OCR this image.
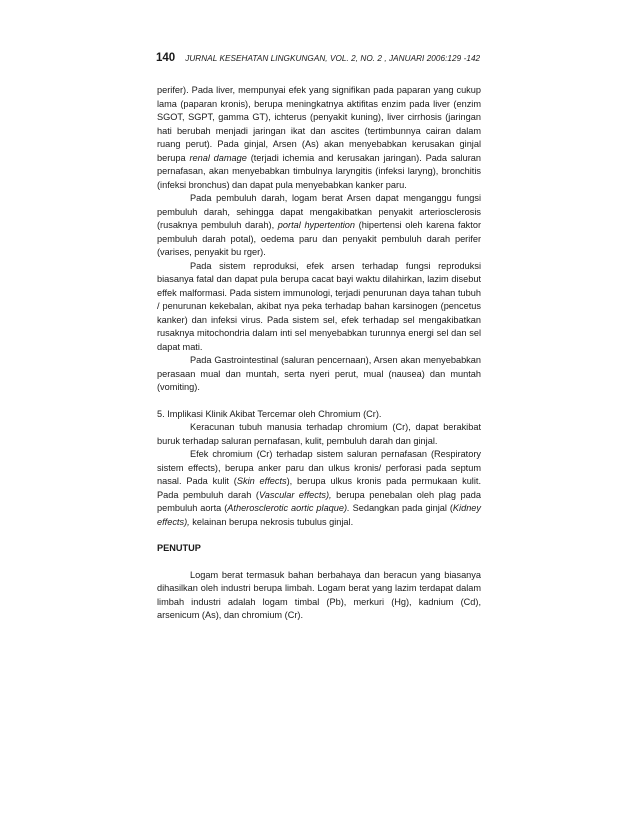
140 JURNAL KESEHATAN LINGKUNGAN, VOL. 2, NO. 2 , JANUARI 2006:129 -142

perifer). Pada liver, mempunyai efek yang signifikan pada paparan yang cukup lama (paparan kronis), berupa meningkatnya aktifitas enzim pada liver (enzim SGOT, SGPT, gamma GT), ichterus (penyakit kuning), liver cirrhosis (jaringan hati berubah menjadi jaringan ikat dan ascites (tertimbunnya cairan dalam ruang perut). Pada ginjal, Arsen (As) akan menyebabkan kerusakan ginjal berupa renal damage (terjadi ichemia and kerusakan jaringan). Pada saluran pernafasan, akan menyebabkan timbulnya laryngitis (infeksi laryng), bronchitis (infeksi bronchus) dan dapat pula menyebabkan kanker paru.

Pada pembuluh darah, logam berat Arsen dapat menganggu fungsi pembuluh darah, sehingga dapat mengakibatkan penyakit arteriosclerosis (rusaknya pembuluh darah), portal hypertention (hipertensi oleh karena faktor pembuluh darah potal), oedema paru dan penyakit pembuluh darah perifer (varises, penyakit bu rger).

Pada sistem reproduksi, efek arsen terhadap fungsi reproduksi biasanya fatal dan dapat pula berupa cacat bayi waktu dilahirkan, lazim disebut effek malformasi. Pada sistem immunologi, terjadi penurunan daya tahan tubuh / penurunan kekebalan, akibat nya peka terhadap bahan karsinogen (pencetus kanker) dan infeksi virus. Pada sistem sel, efek terhadap sel mengakibatkan rusaknya mitochondria dalam inti sel menyebabkan turunnya energi sel dan sel dapat mati.

Pada Gastrointestinal (saluran pencernaan), Arsen akan menyebabkan perasaan mual dan muntah, serta nyeri perut, mual (nausea) dan muntah (vomiting).

5. Implikasi Klinik Akibat Tercemar oleh Chromium (Cr).

Keracunan tubuh manusia terhadap chromium (Cr), dapat berakibat buruk terhadap saluran pernafasan, kulit, pembuluh darah dan ginjal.

Efek chromium (Cr) terhadap sistem saluran pernafasan (Respiratory sistem effects), berupa anker paru dan ulkus kronis/ perforasi pada septum nasal. Pada kulit (Skin effects), berupa ulkus kronis pada permukaan kulit. Pada pembuluh darah (Vascular effects), berupa penebalan oleh plag pada pembuluh aorta (Atherosclerotic aortic plaque). Sedangkan pada ginjal (Kidney effects), kelainan berupa nekrosis tubulus ginjal.

PENUTUP

Logam berat termasuk bahan berbahaya dan beracun yang biasanya dihasilkan oleh industri berupa limbah. Logam berat yang lazim terdapat dalam limbah industri adalah logam timbal (Pb), merkuri (Hg), kadnium (Cd), arsenicum (As), dan chromium (Cr).
